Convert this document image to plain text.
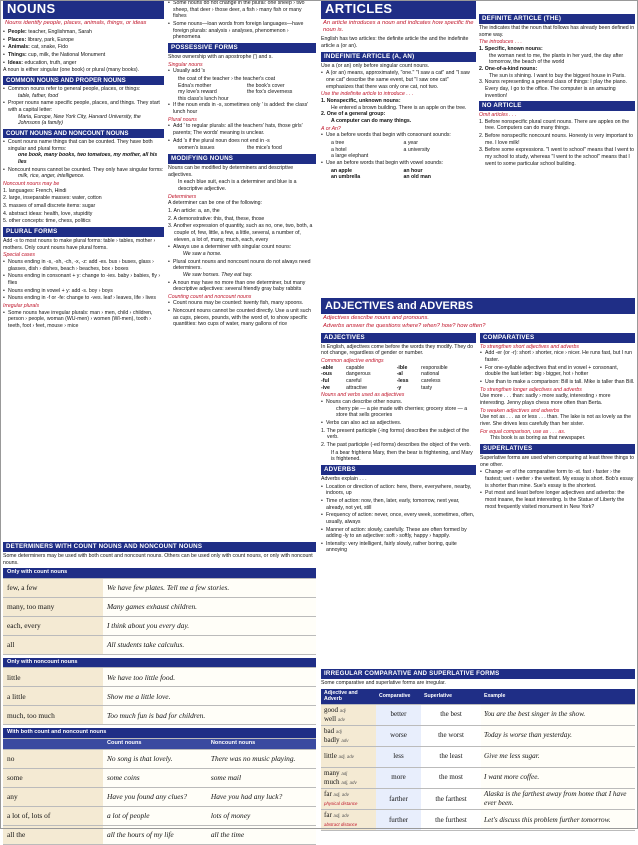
NOUNS
Nouns identify people, places, animals, things, or ideas
• People: teacher, Englishman, Sarah
• Places: library, park, Europe
• Animals: cat, snake, Fido
• Things: cup, milk, the National Monument
• Ideas: education, truth, anger

A noun is either singular (one book) or plural (many books).

COMMON NOUNS AND PROPER NOUNS
• Common nouns refer to general people, places, or things:
table, father, food
• Proper nouns name specific people, places, and things. They start with a capital letter:
Maria, Europe, New York City, Harvard University, the Johnsons (a family)
COUNT NOUNS AND NONCOUNT NOUNS
• Count nouns name things that can be counted. They have both singular and plural forms:
one book, many books, two tomatoes, my mother, all his lies
• Noncount nouns cannot be counted. They only have singular forms:
milk, rice, anger, intelligence.
Noncount nouns may be
1. languages: French, Hindi
2. large, inseparable masses: water, cotton
3. masses of small discrete items: sugar
4. abstract ideas: health, love, stupidity
5. other concepts: time, chess, politics
PLURAL FORMS

Add -s to most nouns to make plural forms: table › tables, mother › mothers. Only count nouns have plural forms.

Special cases
• Nouns ending in -s, -sh, -ch, -x, -z: add -es. bus › buses, glass › glasses, dish › dishes, beach › beaches, box › boxes
• Nouns ending in consonant + y: change to -ies. baby › babies, fly › flies
• Nouns ending in vowel + y: add -s. boy › boys
• Nouns ending in -f or -fe: change to -ves. leaf › leaves, life › lives
Irregular plurals
• Some nouns have irregular plurals: man › men, child › children, person › people, woman (WU-men) › women (WI-men), tooth › teeth, foot › feet, mouse › mice
• Some nouns do not change in the plural: one sheep › two sheep, that deer › those deer, a fish › many fish or many fishes
• Some nouns—loan words from foreign languages—have foreign plurals: analysis › analyses, phenomenon › phenomena
POSSESSIVE FORMS

Show ownership with an apostrophe (') and s.

Singular nouns
• Usually add 's
the coat of the teacher › the teacher's coat
Edna's mother	the book's cover
my love's reward	the fox's cleverness
this class's lunch hour
• If the noun ends in -s, sometimes only ' is added: the class' lunch hour
Plural nouns
• Add ' to regular plurals: all the teachers' hats, those girls' parents; The words' meaning is unclear.
• Add 's if the plural noun does not end in -s
women's issues	the mice's food
MODIFYING NOUNS

Nouns can be modified by determiners and descriptive adjectives.

In each blue suit, each is a determiner and blue is a descriptive adjective.

Determiners

A determiner can be one of the following:

1. An article: a, an, the
2. A demonstrative: this, that, these, those
3. Another expression of quantity, such as no, one, two, both, a couple of, few, little, a few, a little, several, a number of, eleven, a lot of, many, much, each, every
• Always use a determiner with singular count nouns:
We saw a horse.
• Plural count nouns and noncount nouns do not always need determiners.
We saw horses. They eat hay.
• A noun may have no more than one determiner, but many descriptive adjectives: several friendly gray baby rabbits
Counting count and noncount nouns
• Count nouns may be counted: twenty fish, many spoons.
• Noncount nouns cannot be counted directly. Use a unit such as cups, pieces, pounds, with the word of, to show specific quantities: two cups of water, many gallons of rice
ARTICLES
An article introduces a noun and indicates how specific the noun is.

English has two articles: the definite article the and the indefinite article a (or an).

INDEFINITE ARTICLE (A, AN)

Use a (or an) only before singular count nouns.

• A (or an) means, approximately, "one." "I saw a cat" and "I saw one cat" describe the same event, but "I saw one cat" emphasizes that there was only one cat, not two.
Use the indefinite article to introduce . . .
1. Nonspecific, unknown nouns:
He entered a brown building. There is an apple on the tree.
2. One of a general group:
A computer can do many things.
A or An?
• Use a before words that begin with consonant sounds:
a tree	a year
a hotel	a university
a large elephant
• Use an before words that begin with vowel sounds:
an apple	an hour
an umbrella	an old man
DEFINITE ARTICLE (THE)

The indicates that the noun that follows has already been defined in some way.

The introduces . . .
1. Specific, known nouns:
the woman next to me, the plants in her yard, the day after tomorrow, the beach of the world
2. One-of-a-kind nouns:
The sun is shining. I want to buy the biggest house in Paris.
3. Nouns representing a general class of things: I play the piano. Every day, I go to the office. The computer is an amazing invention!
NO ARTICLE
Omit articles . . .
1. Before nonspecific plural count nouns. There are apples on the tree. Computers can do many things.
2. Before nonspecific noncount nouns. Honesty is very important to me. I love milk!
3. Before some expressions. "I went to school" means that I went to my school to study, whereas "I went to the school" means that I went to some particular school building.
ADJECTIVES and ADVERBS
Adjectives describe nouns and pronouns.
Adverbs answer the questions where? when? how? how often?
ADJECTIVES

In English, adjectives come before the words they modify. They do not change, regardless of gender or number.

Common adjective endings
-able	capable	-ible	responsible
-ous	dangerous	-al	national
-ful	careful	-less	careless
-ive	attractive	-y	tasty
Nouns and verbs used as adjectives
• Nouns can describe other nouns.
cherry pie — a pie made with cherries; grocery store — a store that sells groceries
• Verbs can also act as adjectives.
1. The present participle (-ing forms) describes the subject of the verb.
2. The past participle (-ed forms) describes the object of the verb.

If a bear frightens Mary, then the bear is frightening, and Mary is frightened.

ADVERBS

Adverbs explain . . .

• Location or direction of action: here, there, everywhere, nearby, indoors, up
• Time of action: now, then, later, early, tomorrow, next year, already, not yet, still
• Frequency of action: never, once, every week, sometimes, often, usually, always
• Manner of action: slowly, carefully. These are often formed by adding -ly to an adjective: soft › softly, happy › happily.
• Intensity: very intelligent, fairly slowly, rather boring, quite annoying
COMPARATIVES
To strengthen short adjectives and adverbs
• Add -er (or -r): short › shorter, nice › nicer. He runs fast, but I run faster.
• For one-syllable adjectives that end in vowel + consonant, double the last letter: big › bigger, hot › hotter
• Use than to make a comparison: Bill is tall. Mike is taller than Bill.
To strengthen longer adjectives and adverbs

Use more . . . than: sadly › more sadly, interesting › more interesting. Jenny plays chess more often than Berta.

To weaken adjectives and adverbs

Use not as . . . as or less . . . than. The lake is not as lovely as the river. She drives less carefully than her sister.

For equal comparison, use as . . . as.

This book is as boring as that newspaper.

SUPERLATIVES

Superlative forms are used when comparing at least three things to one other.

• Change -er of the comparative form to -st. fast › faster › the fastest; wet › wetter › the wettest. My essay is short. Bob's essay is shorter than mine. Sue's essay is the shortest.
• Put most and least before longer adjectives and adverbs: the most insane, the least interesting. Is the Statue of Liberty the most frequently visited monument in New York?
DETERMINERS WITH COUNT NOUNS AND NONCOUNT NOUNS

Some determiners may be used with both count and noncount nouns. Others can be used only with count nouns, or only with noncount nouns.

Only with count nouns	
few, a few	We have few plates. Tell me a few stories.
many, too many	Many games exhaust children.
each, every	I think about you every day.
all	All students take calculus.
Only with noncount nouns	
little	We have too little food.
a little	Show me a little love.
much, too much	Too much fun is bad for children.
With both count and noncount nouns		
	Count nouns	Noncount nouns
no	No song is that lovely.	There was no music playing.
some	some coins	some mail
any	Have you found any clues?	Have you had any luck?
a lot of, lots of	a lot of people	lots of money
all the	all the hours of my life	all the time
IRREGULAR COMPARATIVE AND SUPERLATIVE FORMS

Some comparative and superlative forms are irregular.

Adjective and Adverb	Comparative	Superlative	Example
good adj
well adv	better	the best	You are the best singer in the show.
bad adj
badly adv	worse	the worst	Today is worse than yesterday.
little adj, adv	less	the least	Give me less sugar.
many adj
much adj, adv	more	the most	I want more coffee.
far adj, adv
physical distance	farther	the farthest	Alaska is the farthest away from home that I have ever been.
far adj, adv
abstract distance	further	the furthest	Let's discuss this problem further tomorrow.
